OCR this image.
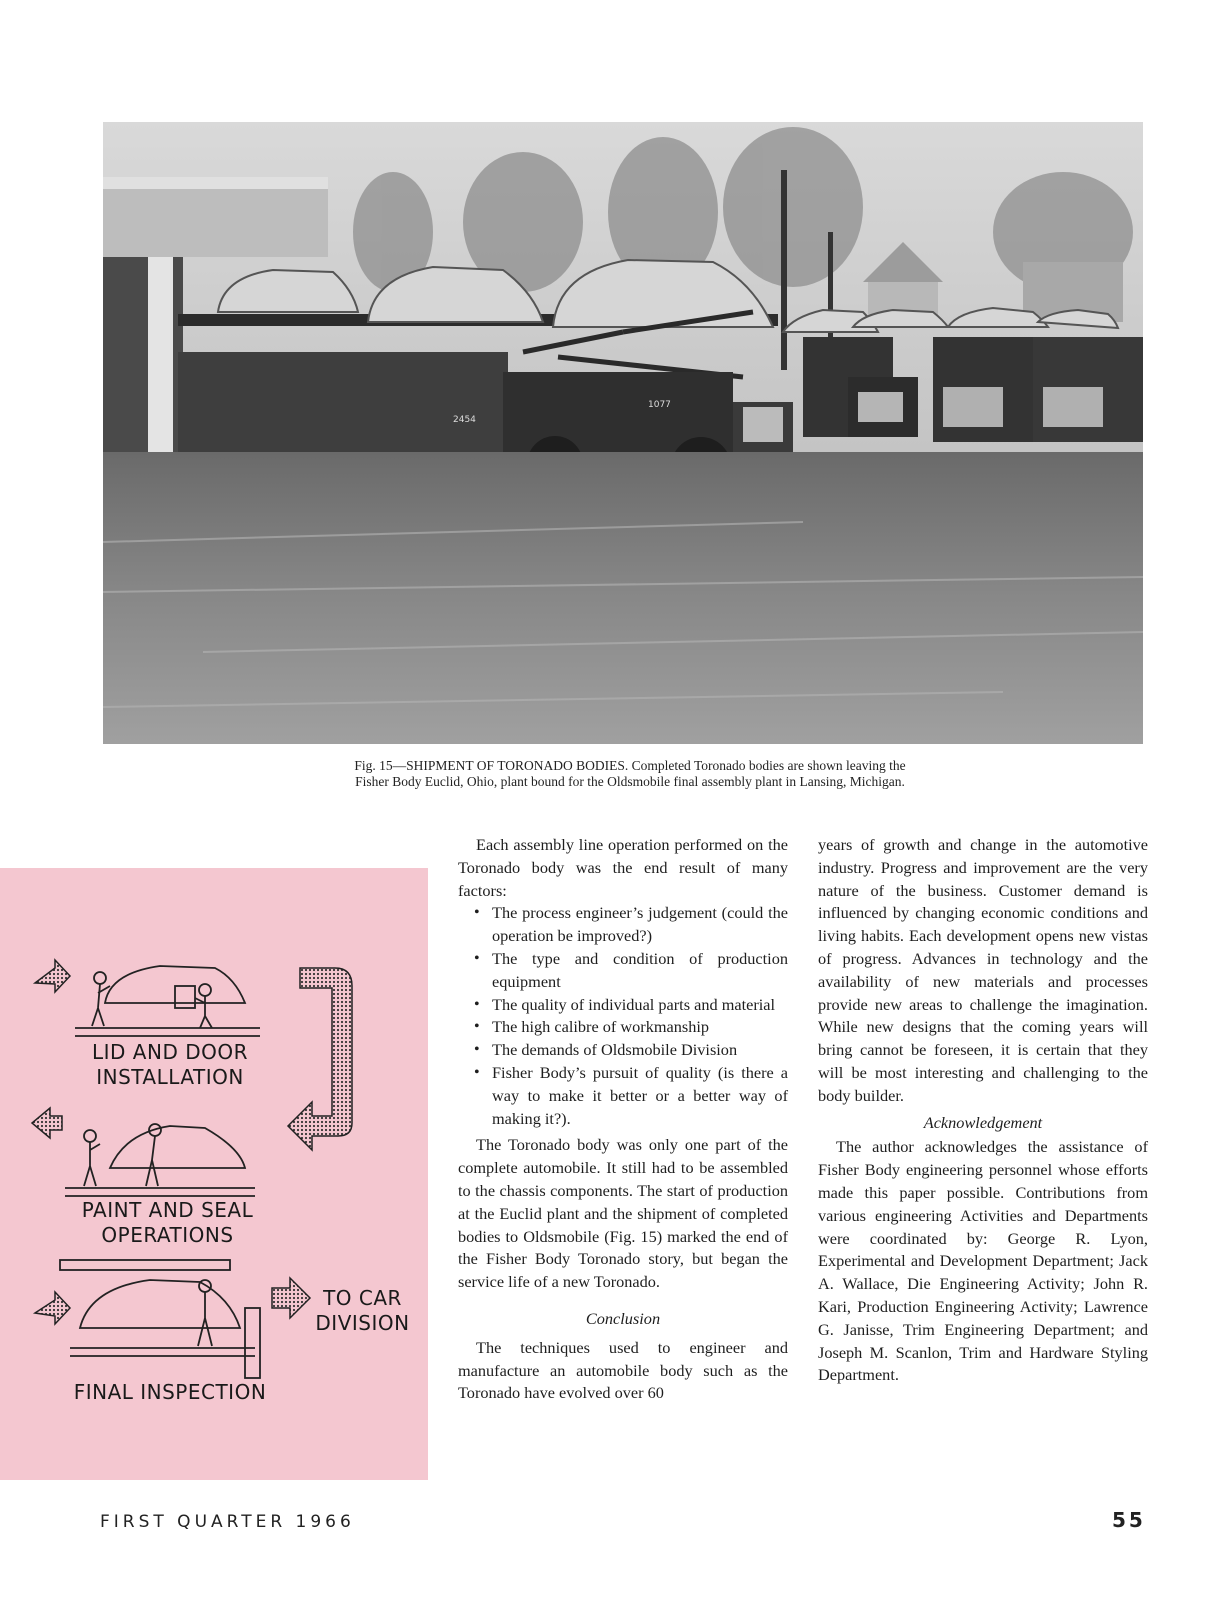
1077
2454
Fig. 15—SHIPMENT OF TORONADO BODIES. Completed Toronado bodies are shown leaving the
Fisher Body Euclid, Ohio, plant bound for the Oldsmobile final assembly plant in Lansing, Michigan.
LID AND DOOR
INSTALLATION
PAINT AND SEAL
OPERATIONS
FINAL INSPECTION
TO CAR
DIVISION

Each assembly line operation performed on the Toronado body was the end result of many factors:

• The process engineer’s judgement (could the operation be improved?)
• The type and condition of production equipment
• The quality of individual parts and material
• The high calibre of workmanship
• The demands of Oldsmobile Division
• Fisher Body’s pursuit of quality (is there a way to make it better or a better way of making it?).

The Toronado body was only one part of the complete automobile. It still had to be assembled to the chassis components. The start of production at the Euclid plant and the shipment of completed bodies to Oldsmobile (Fig. 15) marked the end of the Fisher Body Toronado story, but began the service life of a new Toronado.

Conclusion

The techniques used to engineer and manufacture an automobile body such as the Toronado have evolved over 60

years of growth and change in the automotive industry. Progress and improvement are the very nature of the business. Customer demand is influenced by changing economic conditions and living habits. Each development opens new vistas of progress. Advances in technology and the availability of new materials and processes provide new areas to challenge the imagination. While new designs that the coming years will bring cannot be foreseen, it is certain that they will be most interesting and challenging to the body builder.

Acknowledgement

The author acknowledges the assistance of Fisher Body engineering personnel whose efforts made this paper possible. Contributions from various engineering Activities and Departments were coordinated by: George R. Lyon, Experimental and Development Department; Jack A. Wallace, Die Engineering Activity; John R. Kari, Production Engineering Activity; Lawrence G. Janisse, Trim Engineering Department; and Joseph M. Scanlon, Trim and Hardware Styling Department.

FIRST QUARTER 1966	55
